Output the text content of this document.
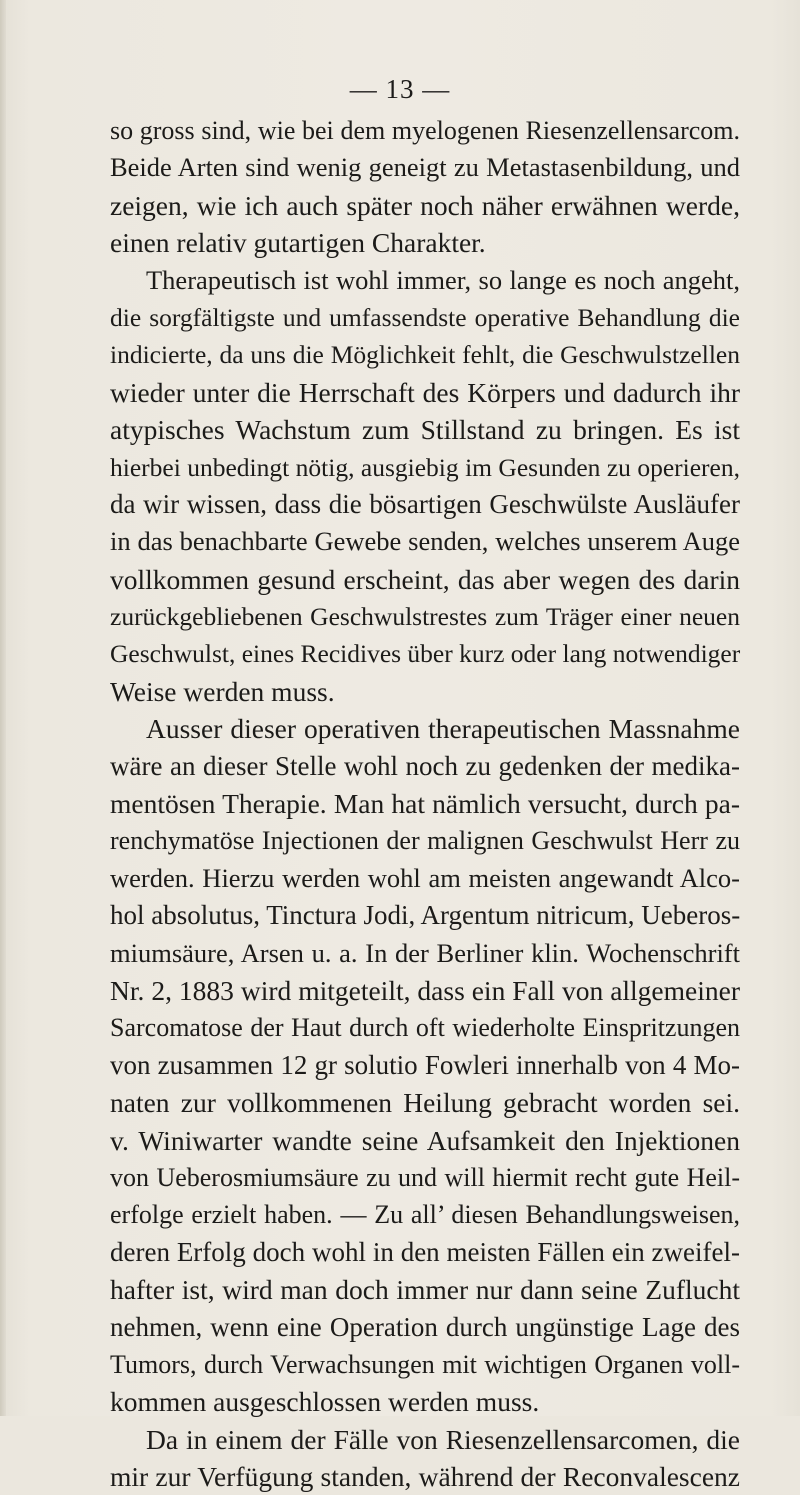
— 13 —
so gross sind, wie bei dem myelogenen Riesenzellensarcom.
Beide Arten sind wenig geneigt zu Metastasenbildung, und
zeigen, wie ich auch später noch näher erwähnen werde,
einen relativ gutartigen Charakter.
Therapeutisch ist wohl immer, so lange es noch angeht,
die sorgfältigste und umfassendste operative Behandlung die
indicierte, da uns die Möglichkeit fehlt, die Geschwulstzellen
wieder unter die Herrschaft des Körpers und dadurch ihr
atypisches Wachstum zum Stillstand zu bringen. Es ist
hierbei unbedingt nötig, ausgiebig im Gesunden zu operieren,
da wir wissen, dass die bösartigen Geschwülste Ausläufer
in das benachbarte Gewebe senden, welches unserem Auge
vollkommen gesund erscheint, das aber wegen des darin
zurückgebliebenen Geschwulstrestes zum Träger einer neuen
Geschwulst, eines Recidives über kurz oder lang notwendiger
Weise werden muss.
Ausser dieser operativen therapeutischen Massnahme
wäre an dieser Stelle wohl noch zu gedenken der medika-
mentösen Therapie. Man hat nämlich versucht, durch pa-
renchymatöse Injectionen der malignen Geschwulst Herr zu
werden. Hierzu werden wohl am meisten angewandt Alco-
hol absolutus, Tinctura Jodi, Argentum nitricum, Ueberos-
miumsäure, Arsen u. a. In der Berliner klin. Wochenschrift
Nr. 2, 1883 wird mitgeteilt, dass ein Fall von allgemeiner
Sarcomatose der Haut durch oft wiederholte Einspritzungen
von zusammen 12 gr solutio Fowleri innerhalb von 4 Mo-
naten zur vollkommenen Heilung gebracht worden sei.
v. Winiwarter wandte seine Aufsamkeit den Injektionen
von Ueberosmiumsäure zu und will hiermit recht gute Heil-
erfolge erzielt haben. — Zu all’ diesen Behandlungsweisen,
deren Erfolg doch wohl in den meisten Fällen ein zweifel-
hafter ist, wird man doch immer nur dann seine Zuflucht
nehmen, wenn eine Operation durch ungünstige Lage des
Tumors, durch Verwachsungen mit wichtigen Organen voll-
kommen ausgeschlossen werden muss.
Da in einem der Fälle von Riesenzellensarcomen, die
mir zur Verfügung standen, während der Reconvalescenz
